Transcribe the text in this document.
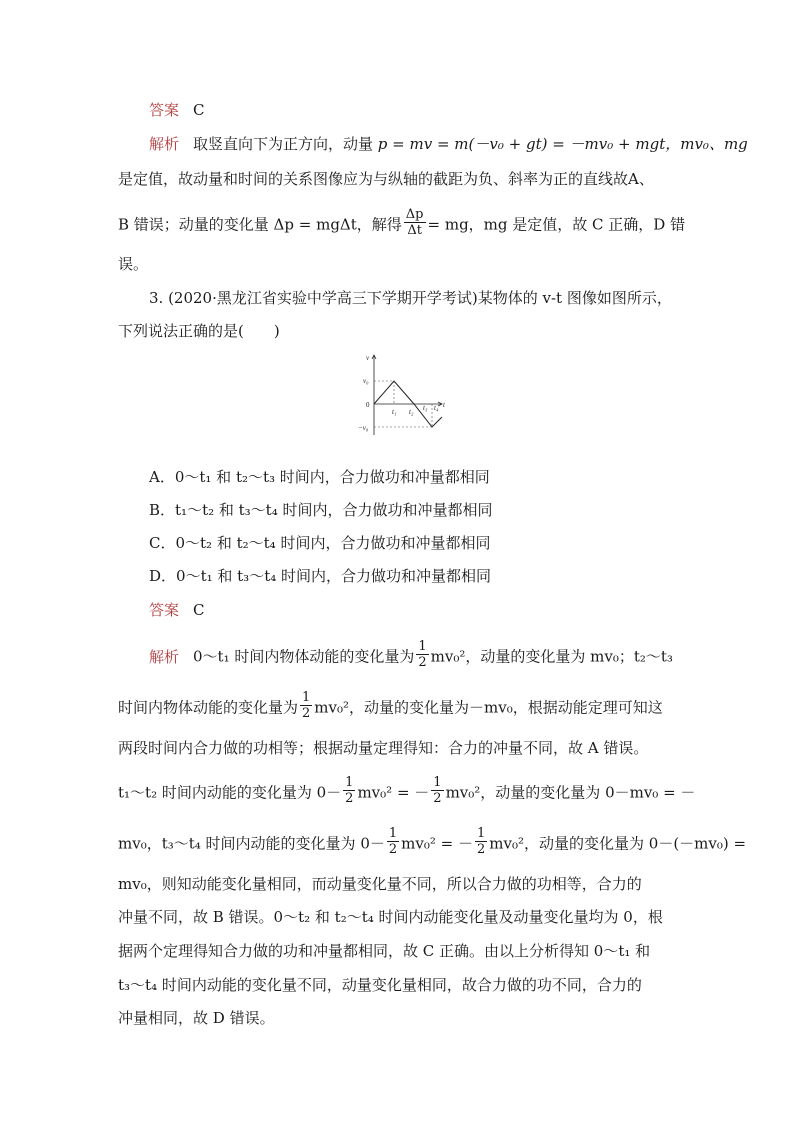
答案 C
解析 取竖直向下为正方向，动量 p = mv = m(－v₀ + gt) = －mv₀ + mgt，mv₀、mg
是定值，故动量和时间的关系图像应为与纵轴的截距为负、斜率为正的直线故A、
B 错误；动量的变化量 Δp = mgΔt，解得 $\frac{\Delta p}{\Delta t}$ = mg，mg 是定值，故 C 正确，D 错
误。
3. (2020·黑龙江省实验中学高三下学期开学考试)某物体的 v-t 图像如图所示，
下列说法正确的是(　　)
v
t
v₀
0
−v₀
t₁ t₂ t₃ t₄
A．0～t₁ 和 t₂～t₃ 时间内，合力做功和冲量都相同
B．t₁～t₂ 和 t₃～t₄ 时间内，合力做功和冲量都相同
C．0～t₂ 和 t₂～t₄ 时间内，合力做功和冲量都相同
D．0～t₁ 和 t₃～t₄ 时间内，合力做功和冲量都相同
答案 C
解析 0～t₁ 时间内物体动能的变化量为 $\frac{1}{2} mv_0^2$，动量的变化量为 mv₀；t₂～t₃
时间内物体动能的变化量为 $\frac{1}{2} mv_0^2$，动量的变化量为－mv₀，根据动能定理可知这
两段时间内合力做的功相等；根据动量定理得知：合力的冲量不同，故 A 错误。
t₁～t₂ 时间内动能的变化量为 $0- \frac{1}{2} mv_0^2$ = － $\frac{1}{2} mv_0^2$，动量的变化量为 0－mv₀ = －
mv₀，t₃～t₄ 时间内动能的变化量为 $0- \frac{1}{2} mv_0^2$ = － $\frac{1}{2} mv_0^2$，动量的变化量为 0－(－mv₀) =
mv₀，则知动能变化量相同，而动量变化量不同，所以合力做的功相等，合力的
冲量不同，故 B 错误。0～t₂ 和 t₂～t₄ 时间内动能变化量及动量变化量均为 0，根
据两个定理得知合力做的功和冲量都相同，故 C 正确。由以上分析得知 0～t₁ 和
t₃～t₄ 时间内动能的变化量不同，动量变化量相同，故合力做的功不同，合力的
冲量相同，故 D 错误。
